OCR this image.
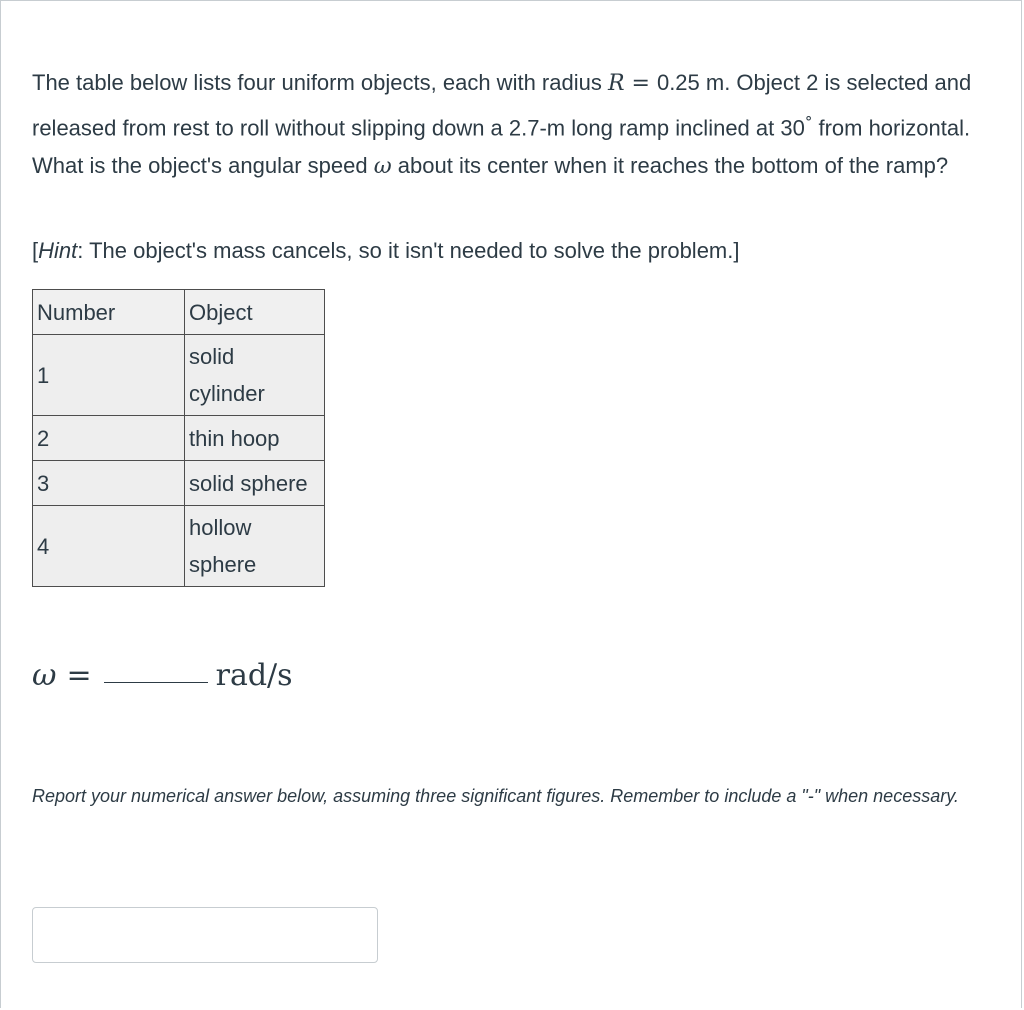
The table below lists four uniform objects, each with radius R = 0.25 m. Object 2 is selected and released from rest to roll without slipping down a 2.7-m long ramp inclined at 30° from horizontal. What is the object's angular speed ω about its center when it reaches the bottom of the ramp?

[Hint: The object's mass cancels, so it isn't needed to solve the problem.]
Number	Object
1	solid
cylinder
2	thin hoop
3	solid sphere
4	hollow
sphere
ω =	rad/s
Report your numerical answer below, assuming three significant figures. Remember to include a "-" when necessary.
